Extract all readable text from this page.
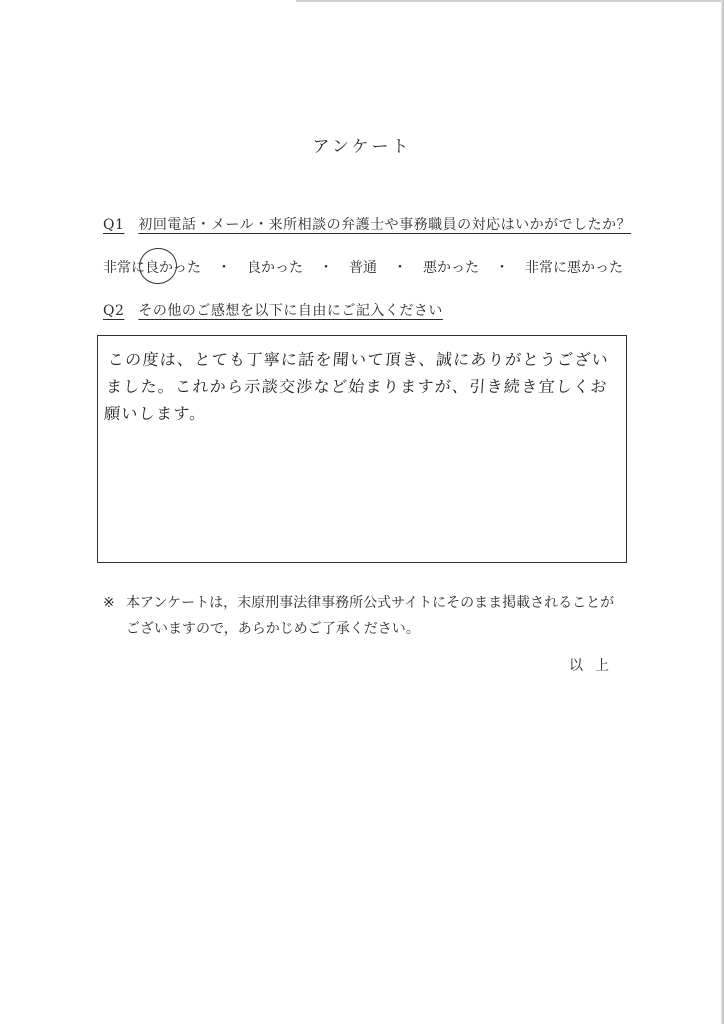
アンケート
Q1 初回電話・メール・来所相談の弁護士や事務職員の対応はいかがでしたか？
非常に良かった ・ 良かった ・ 普通 ・ 悪かった ・ 非常に悪かった
Q2 その他のご感想を以下に自由にご記入ください
この度は、とても丁寧に話を聞いて頂き、誠にありがとうございました。これから示談交渉など始まりますが、引き続き宜しくお願いします。
※ 本アンケートは，末原刑事法律事務所公式サイトにそのまま掲載されることがございますので，あらかじめご了承ください。
以上
